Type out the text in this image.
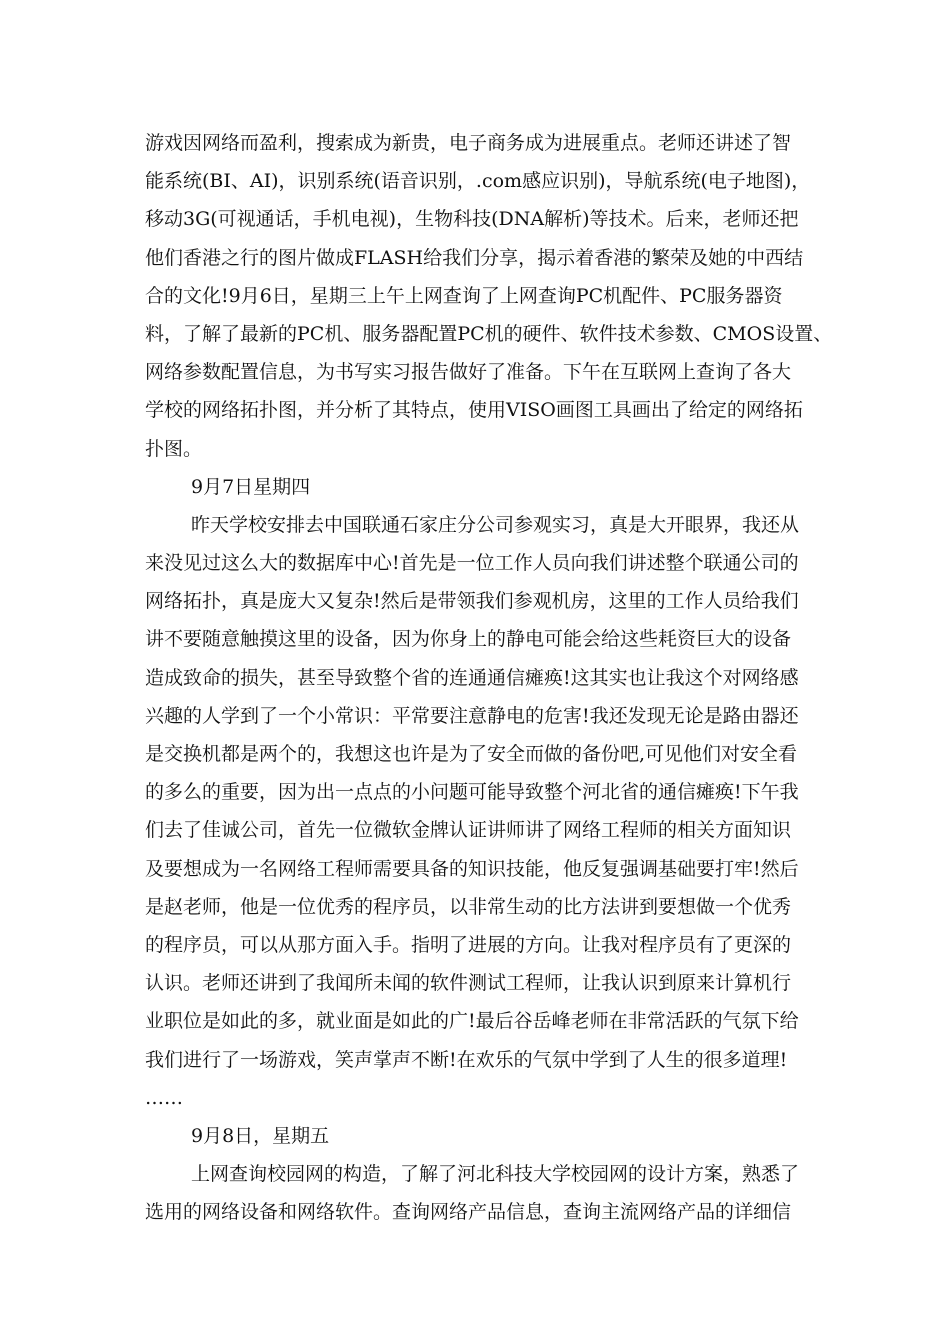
游戏因网络而盈利，搜索成为新贵，电子商务成为进展重点。老师还讲述了智
能系统(BI、AI)，识别系统(语音识别，.com感应识别)，导航系统(电子地图)，
移动3G(可视通话，手机电视)，生物科技(DNA解析)等技术。后来，老师还把
他们香港之行的图片做成FLASH给我们分享，揭示着香港的繁荣及她的中西结
合的文化!9月6日，星期三上午上网查询了上网查询PC机配件、PC服务器资
料，了解了最新的PC机、服务器配置PC机的硬件、软件技术参数、CMOS设置、
网络参数配置信息，为书写实习报告做好了准备。下午在互联网上查询了各大
学校的网络拓扑图，并分析了其特点，使用VISO画图工具画出了给定的网络拓
扑图。
9月7日星期四
昨天学校安排去中国联通石家庄分公司参观实习，真是大开眼界，我还从
来没见过这么大的数据库中心!首先是一位工作人员向我们讲述整个联通公司的
网络拓扑，真是庞大又复杂!然后是带领我们参观机房，这里的工作人员给我们
讲不要随意触摸这里的设备，因为你身上的静电可能会给这些耗资巨大的设备
造成致命的损失，甚至导致整个省的连通通信瘫痪!这其实也让我这个对网络感
兴趣的人学到了一个小常识：平常要注意静电的危害!我还发现无论是路由器还
是交换机都是两个的，我想这也许是为了安全而做的备份吧,可见他们对安全看
的多么的重要，因为出一点点的小问题可能导致整个河北省的通信瘫痪!下午我
们去了佳诚公司，首先一位微软金牌认证讲师讲了网络工程师的相关方面知识
及要想成为一名网络工程师需要具备的知识技能，他反复强调基础要打牢!然后
是赵老师，他是一位优秀的程序员，以非常生动的比方法讲到要想做一个优秀
的程序员，可以从那方面入手。指明了进展的方向。让我对程序员有了更深的
认识。老师还讲到了我闻所未闻的软件测试工程师，让我认识到原来计算机行
业职位是如此的多，就业面是如此的广!最后谷岳峰老师在非常活跃的气氛下给
我们进行了一场游戏，笑声掌声不断!在欢乐的气氛中学到了人生的很多道理!
……
9月8日，星期五
上网查询校园网的构造，了解了河北科技大学校园网的设计方案，熟悉了
选用的网络设备和网络软件。查询网络产品信息，查询主流网络产品的详细信
